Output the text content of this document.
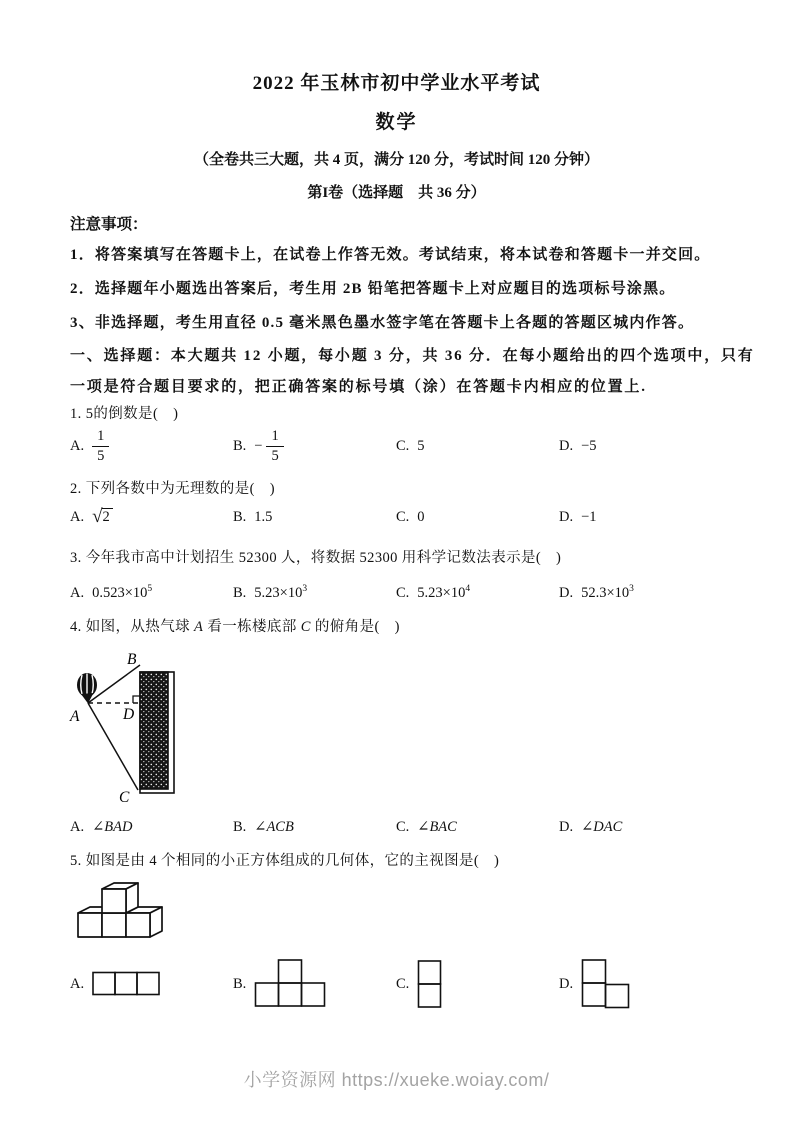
2022 年玉林市初中学业水平考试
数学
（全卷共三大题，共 4 页，满分 120 分，考试时间 120 分钟）
第I卷（选择题　共 36 分）
注意事项：
1．将答案填写在答题卡上，在试卷上作答无效。考试结束，将本试卷和答题卡一并交回。
2．选择题年小题选出答案后，考生用 2B 铅笔把答题卡上对应题目的选项标号涂黑。
3、非选择题，考生用直径 0.5 毫米黑色墨水签字笔在答题卡上各题的答题区城内作答。
一、选择题：本大题共 12 小题，每小题 3 分，共 36 分．在每小题给出的四个选项中，只有
一项是符合题目要求的，把正确答案的标号填（涂）在答题卡内相应的位置上.
1. 5的倒数是(　)
A. $\frac{1}{5}$	B. − $\frac{1}{5}$	C. 5	D. −5
2. 下列各数中为无理数的是(　)
A. √ 2	B. 1.5	C. 0	D. −1
3. 今年我市高中计划招生 52300 人，将数据 52300 用科学记数法表示是(　)
A. $0.523\times 10^5$	B. $5.23\times 10^3$	C. $5.23\times 10^4$	D. $52.3\times 10^3$
4. 如图，从热气球 A 看一栋楼底部 C 的俯角是(　)
B
A	D
C
A. ∠BAD	B. ∠ACB	C. ∠BAC	D. ∠DAC
5. 如图是由 4 个相同的小正方体组成的几何体，它的主视图是(　)
A.	B.	C.	D.
小学资源网 https://xueke.woiay.com/
